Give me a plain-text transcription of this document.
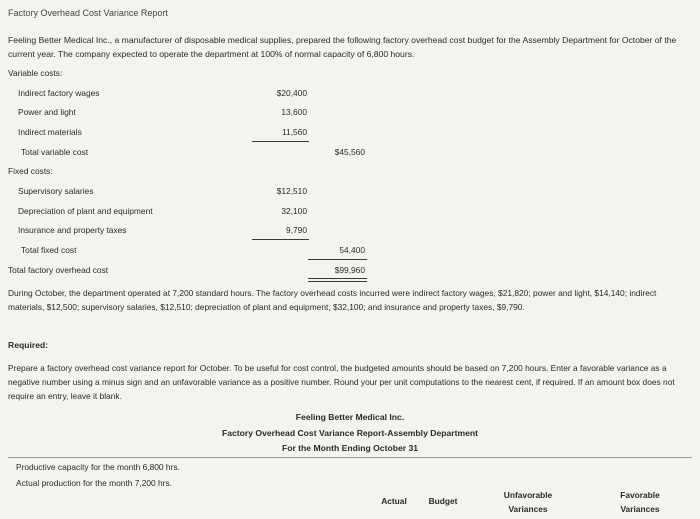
Factory Overhead Cost Variance Report
Feeling Better Medical Inc., a manufacturer of disposable medical supplies, prepared the following factory overhead cost budget for the Assembly Department for October of the current year. The company expected to operate the department at 100% of normal capacity of 6,800 hours.
Variable costs:
Indirect factory wages	$20,400
Power and light	13,600
Indirect materials	11,560
Total variable cost	$45,560
Fixed costs:
Supervisory salaries	$12,510
Depreciation of plant and equipment	32,100
Insurance and property taxes	9,790
Total fixed cost	54,400
Total factory overhead cost	$99,960
During October, the department operated at 7,200 standard hours. The factory overhead costs incurred were indirect factory wages, $21,820; power and light, $14,140; indirect materials, $12,500; supervisory salaries, $12,510; depreciation of plant and equipment, $32,100; and insurance and property taxes, $9,790.
Required:
Prepare a factory overhead cost variance report for October. To be useful for cost control, the budgeted amounts should be based on 7,200 hours. Enter a favorable variance as a negative number using a minus sign and an unfavorable variance as a positive number. Round your per unit computations to the nearest cent, if required. If an amount box does not require an entry, leave it blank.
Feeling Better Medical Inc.
Factory Overhead Cost Variance Report-Assembly Department
For the Month Ending October 31
Productive capacity for the month 6,800 hrs.
Actual production for the month 7,200 hrs.
Actual	Budget
Unfavorable
Variances
Favorable
Variances
